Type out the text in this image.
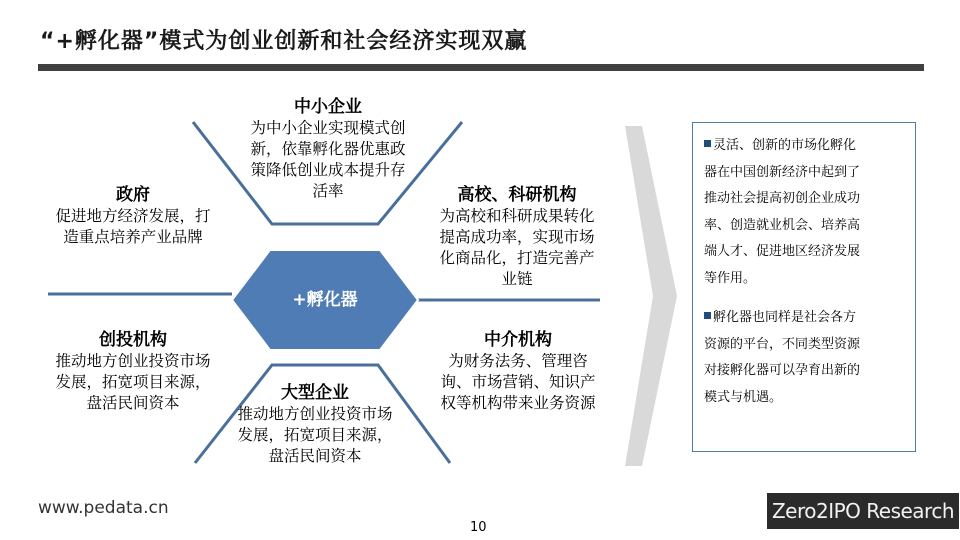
“+孵化器”模式为创业创新和社会经济实现双赢
+孵化器
中小企业
为中小企业实现模式创
新，依靠孵化器优惠政
策降低创业成本提升存
活率
政府
促进地方经济发展，打
造重点培养产业品牌
高校、科研机构
为高校和科研成果转化
提高成功率，实现市场
化商品化，打造完善产
业链
创投机构
推动地方创业投资市场
发展，拓宽项目来源，
盘活民间资本	大型企业
推动地方创业投资市场
发展，拓宽项目来源，
盘活民间资本
中介机构
为财务法务、管理咨
询、市场营销、知识产
权等机构带来业务资源

灵活、创新的市场化孵化
器在中国创新经济中起到了
推动社会提高初创企业成功
率、创造就业机会、培养高
端人才、促进地区经济发展
等作用。

孵化器也同样是社会各方
资源的平台，不同类型资源
对接孵化器可以孕育出新的
模式与机遇。

www.pedata.cn
10
Zero2IPO Research
